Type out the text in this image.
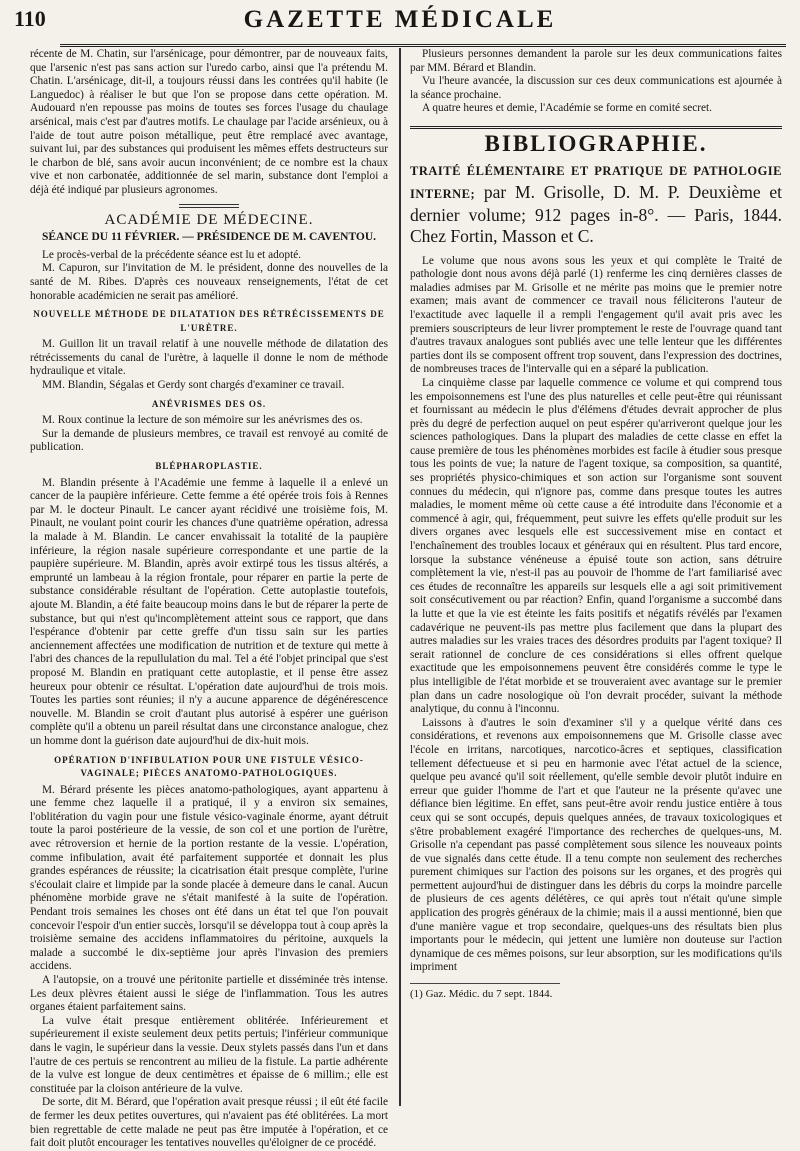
110	GAZETTE MÉDICALE

récente de M. Chatin, sur l'arsénicage, pour démontrer, par de nouveaux faits, que l'arsenic n'est pas sans action sur l'uredo carbo, ainsi que l'a prétendu M. Chatin. L'arsénicage, dit-il, a toujours réussi dans les contrées qu'il habite (le Languedoc) à réaliser le but que l'on se propose dans cette opération. M. Audouard n'en repousse pas moins de toutes ses forces l'usage du chaulage arsénical, mais c'est par d'autres motifs. Le chaulage par l'acide arsénieux, ou à l'aide de tout autre poison métallique, peut être remplacé avec avantage, suivant lui, par des substances qui produisent les mêmes effets destructeurs sur le charbon de blé, sans avoir aucun inconvénient; de ce nombre est la chaux vive et non carbonatée, additionnée de sel marin, substance dont l'emploi a déjà été indiqué par plusieurs agronomes.

ACADÉMIE DE MÉDECINE.
SÉANCE DU 11 FÉVRIER. — PRÉSIDENCE DE M. CAVENTOU.

Le procès-verbal de la précédente séance est lu et adopté.

M. Capuron, sur l'invitation de M. le président, donne des nouvelles de la santé de M. Ribes. D'après ces nouveaux renseignements, l'état de cet honorable académicien ne serait pas amélioré.

NOUVELLE MÉTHODE DE DILATATION DES RÉTRÉCISSEMENTS DE L'URÈTRE.

M. Guillon lit un travail relatif à une nouvelle méthode de dilatation des rétrécissements du canal de l'urètre, à laquelle il donne le nom de méthode hydraulique et vitale.

MM. Blandin, Ségalas et Gerdy sont chargés d'examiner ce travail.

ANÉVRISMES DES OS.

M. Roux continue la lecture de son mémoire sur les anévrismes des os.

Sur la demande de plusieurs membres, ce travail est renvoyé au comité de publication.

BLÉPHAROPLASTIE.

M. Blandin présente à l'Académie une femme à laquelle il a enlevé un cancer de la paupière inférieure. Cette femme a été opérée trois fois à Rennes par M. le docteur Pinault. Le cancer ayant récidivé une troisième fois, M. Pinault, ne voulant point courir les chances d'une quatrième opération, adressa la malade à M. Blandin. Le cancer envahissait la totalité de la paupière inférieure, la région nasale supérieure correspondante et une partie de la paupière supérieure. M. Blandin, après avoir extirpé tous les tissus altérés, a emprunté un lambeau à la région frontale, pour réparer en partie la perte de substance considérable résultant de l'opération. Cette autoplastie toutefois, ajoute M. Blandin, a été faite beaucoup moins dans le but de réparer la perte de substance, but qui n'est qu'incomplètement atteint sous ce rapport, que dans l'espérance d'obtenir par cette greffe d'un tissu sain sur les parties anciennement affectées une modification de nutrition et de texture qui mette à l'abri des chances de la repullulation du mal. Tel a été l'objet principal que s'est proposé M. Blandin en pratiquant cette autoplastie, et il pense être assez heureux pour obtenir ce résultat. L'opération date aujourd'hui de trois mois. Toutes les parties sont réunies; il n'y a aucune apparence de dégénérescence nouvelle. M. Blandin se croit d'autant plus autorisé à espérer une guérison complète qu'il a obtenu un pareil résultat dans une circonstance analogue, chez un homme dont la guérison date aujourd'hui de dix-huit mois.

OPÉRATION D'INFIBULATION POUR UNE FISTULE VÉSICO-VAGINALE; PIÈCES ANATOMO-PATHOLOGIQUES.

M. Bérard présente les pièces anatomo-pathologiques, ayant appartenu à une femme chez laquelle il a pratiqué, il y a environ six semaines, l'oblitération du vagin pour une fistule vésico-vaginale énorme, ayant détruit toute la paroi postérieure de la vessie, de son col et une portion de l'urètre, avec rétroversion et hernie de la portion restante de la vessie. L'opération, comme infibulation, avait été parfaitement supportée et donnait les plus grandes espérances de réussite; la cicatrisation était presque complète, l'urine s'écoulait claire et limpide par la sonde placée à demeure dans le canal. Aucun phénomène morbide grave ne s'était manifesté à la suite de l'opération. Pendant trois semaines les choses ont été dans un état tel que l'on pouvait concevoir l'espoir d'un entier succès, lorsqu'il se développa tout à coup après la troisième semaine des accidens inflammatoires du péritoine, auxquels la malade a succombé le dix-septième jour après l'invasion des premiers accidens.

A l'autopsie, on a trouvé une péritonite partielle et disséminée très intense. Les deux plèvres étaient aussi le siége de l'inflammation. Tous les autres organes étaient parfaitement sains.

La vulve était presque entièrement oblitérée. Inférieurement et supérieurement il existe seulement deux petits pertuis; l'inférieur communique dans le vagin, le supérieur dans la vessie. Deux stylets passés dans l'un et dans l'autre de ces pertuis se rencontrent au milieu de la fistule. La partie adhérente de la vulve est longue de deux centimètres et épaisse de 6 millim.; elle est constituée par la cloison antérieure de la vulve.

De sorte, dit M. Bérard, que l'opération avait presque réussi ; il eût été facile de fermer les deux petites ouvertures, qui n'avaient pas été oblitérées. La mort bien regrettable de cette malade ne peut pas être imputée à l'opération, et ce fait doit plutôt encourager les tentatives nouvelles qu'éloigner de ce procédé.

Plusieurs personnes demandent la parole sur les deux communications faites par MM. Bérard et Blandin.

Vu l'heure avancée, la discussion sur ces deux communications est ajournée à la séance prochaine.

A quatre heures et demie, l'Académie se forme en comité secret.

BIBLIOGRAPHIE.

TRAITÉ ÉLÉMENTAIRE ET PRATIQUE DE PATHOLOGIE INTERNE; par M. Grisolle, D. M. P. Deuxième et dernier volume; 912 pages in-8°. — Paris, 1844. Chez Fortin, Masson et C.

Le volume que nous avons sous les yeux et qui complète le Traité de pathologie dont nous avons déjà parlé (1) renferme les cinq dernières classes de maladies admises par M. Grisolle et ne mérite pas moins que le premier notre examen; mais avant de commencer ce travail nous féliciterons l'auteur de l'exactitude avec laquelle il a rempli l'engagement qu'il avait pris avec les premiers souscripteurs de leur livrer promptement le reste de l'ouvrage quand tant d'autres travaux analogues sont publiés avec une telle lenteur que les différentes parties dont ils se composent offrent trop souvent, dans l'expression des doctrines, de nombreuses traces de l'intervalle qui en a séparé la publication.

La cinquième classe par laquelle commence ce volume et qui comprend tous les empoisonnemens est l'une des plus naturelles et celle peut-être qui réunissant et fournissant au médecin le plus d'élémens d'études devrait approcher de plus près du degré de perfection auquel on peut espérer qu'arriveront quelque jour les sciences pathologiques. Dans la plupart des maladies de cette classe en effet la cause première de tous les phénomènes morbides est facile à étudier sous presque tous les points de vue; la nature de l'agent toxique, sa composition, sa quantité, ses propriétés physico-chimiques et son action sur l'organisme sont souvent connues du médecin, qui n'ignore pas, comme dans presque toutes les autres maladies, le moment même où cette cause a été introduite dans l'économie et a commencé à agir, qui, fréquemment, peut suivre les effets qu'elle produit sur les divers organes avec lesquels elle est successivement mise en contact et l'enchaînement des troubles locaux et généraux qui en résultent. Plus tard encore, lorsque la substance vénéneuse a épuisé toute son action, sans détruire complètement la vie, n'est-il pas au pouvoir de l'homme de l'art familiarisé avec ces études de reconnaître les appareils sur lesquels elle a agi soit primitivement soit consécutivement ou par réaction? Enfin, quand l'organisme a succombé dans la lutte et que la vie est éteinte les faits positifs et négatifs révélés par l'examen cadavérique ne peuvent-ils pas mettre plus facilement que dans la plupart des autres maladies sur les vraies traces des désordres produits par l'agent toxique? Il serait rationnel de conclure de ces considérations si elles offrent quelque exactitude que les empoisonnemens peuvent être considérés comme le type le plus intelligible de l'état morbide et se trouveraient avec avantage sur le premier plan dans un cadre nosologique où l'on devrait procéder, suivant la méthode analytique, du connu à l'inconnu.

Laissons à d'autres le soin d'examiner s'il y a quelque vérité dans ces considérations, et revenons aux empoisonnemens que M. Grisolle classe avec l'école en irritans, narcotiques, narcotico-âcres et septiques, classification tellement défectueuse et si peu en harmonie avec l'état actuel de la science, quelque peu avancé qu'il soit réellement, qu'elle semble devoir plutôt induire en erreur que guider l'homme de l'art et que l'auteur ne la présente qu'avec une défiance bien légitime. En effet, sans peut-être avoir rendu justice entière à tous ceux qui se sont occupés, depuis quelques années, de travaux toxicologiques et s'être probablement exagéré l'importance des recherches de quelques-uns, M. Grisolle n'a cependant pas passé complètement sous silence les nouveaux points de vue signalés dans cette étude. Il a tenu compte non seulement des recherches purement chimiques sur l'action des poisons sur les organes, et des progrès qui permettent aujourd'hui de distinguer dans les débris du corps la moindre parcelle de plusieurs de ces agents délétères, ce qui après tout n'était qu'une simple application des progrès généraux de la chimie; mais il a aussi mentionné, bien que d'une manière vague et trop secondaire, quelques-uns des résultats bien plus importants pour le médecin, qui jettent une lumière non douteuse sur l'action dynamique de ces mêmes poisons, sur leur absorption, sur les modifications qu'ils impriment

(1) Gaz. Médic. du 7 sept. 1844.
